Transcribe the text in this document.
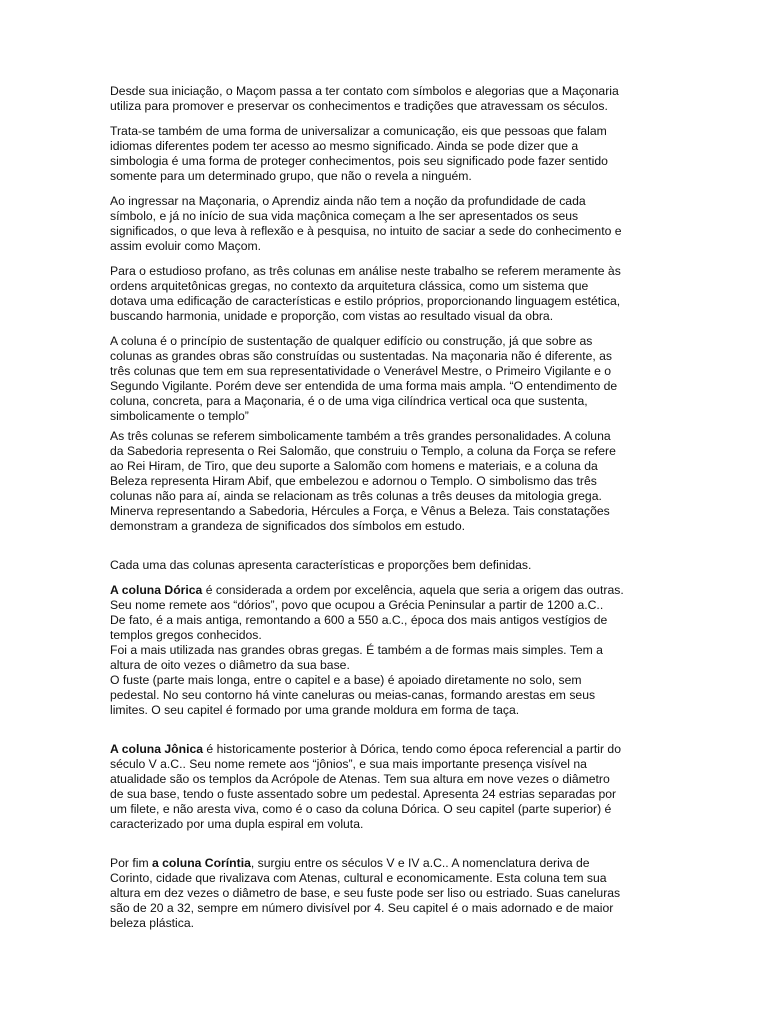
Desde sua iniciação, o Maçom passa a ter contato com símbolos e alegorias que a Maçonaria
utiliza para promover e preservar os conhecimentos e tradições que atravessam os séculos.

Trata-se também de uma forma de universalizar a comunicação, eis que pessoas que falam
idiomas diferentes podem ter acesso ao mesmo significado. Ainda se pode dizer que a
simbologia é uma forma de proteger conhecimentos, pois seu significado pode fazer sentido
somente para um determinado grupo, que não o revela a ninguém.

Ao ingressar na Maçonaria, o Aprendiz ainda não tem a noção da profundidade de cada
símbolo, e já no início de sua vida maçônica começam a lhe ser apresentados os seus
significados, o que leva à reflexão e à pesquisa, no intuito de saciar a sede do conhecimento e
assim evoluir como Maçom.

Para o estudioso profano, as três colunas em análise neste trabalho se referem meramente às
ordens arquitetônicas gregas, no contexto da arquitetura clássica, como um sistema que
dotava uma edificação de características e estilo próprios, proporcionando linguagem estética,
buscando harmonia, unidade e proporção, com vistas ao resultado visual da obra.

A coluna é o princípio de sustentação de qualquer edifício ou construção, já que sobre as
colunas as grandes obras são construídas ou sustentadas. Na maçonaria não é diferente, as
três colunas que tem em sua representatividade o Venerável Mestre, o Primeiro Vigilante e o
Segundo Vigilante. Porém deve ser entendida de uma forma mais ampla. “O entendimento de
coluna, concreta, para a Maçonaria, é o de uma viga cilíndrica vertical oca que sustenta,
simbolicamente o templo”

As três colunas se referem simbolicamente também a três grandes personalidades. A coluna
da Sabedoria representa o Rei Salomão, que construiu o Templo, a coluna da Força se refere
ao Rei Hiram, de Tiro, que deu suporte a Salomão com homens e materiais, e a coluna da
Beleza representa Hiram Abif, que embelezou e adornou o Templo. O simbolismo das três
colunas não para aí, ainda se relacionam as três colunas a três deuses da mitologia grega.
Minerva representando a Sabedoria, Hércules a Força, e Vênus a Beleza. Tais constatações
demonstram a grandeza de significados dos símbolos em estudo.

Cada uma das colunas apresenta características e proporções bem definidas.

A coluna Dórica é considerada a ordem por excelência, aquela que seria a origem das outras.
Seu nome remete aos “dórios”, povo que ocupou a Grécia Peninsular a partir de 1200 a.C..
De fato, é a mais antiga, remontando a 600 a 550 a.C., época dos mais antigos vestígios de
templos gregos conhecidos.
Foi a mais utilizada nas grandes obras gregas. É também a de formas mais simples. Tem a
altura de oito vezes o diâmetro da sua base.
O fuste (parte mais longa, entre o capitel e a base) é apoiado diretamente no solo, sem
pedestal. No seu contorno há vinte caneluras ou meias-canas, formando arestas em seus
limites. O seu capitel é formado por uma grande moldura em forma de taça.

A coluna Jônica é historicamente posterior à Dórica, tendo como época referencial a partir do
século V a.C.. Seu nome remete aos “jônios”, e sua mais importante presença visível na
atualidade são os templos da Acrópole de Atenas. Tem sua altura em nove vezes o diâmetro
de sua base, tendo o fuste assentado sobre um pedestal. Apresenta 24 estrias separadas por
um filete, e não aresta viva, como é o caso da coluna Dórica. O seu capitel (parte superior) é
caracterizado por uma dupla espiral em voluta.

Por fim a coluna Coríntia, surgiu entre os séculos V e IV a.C.. A nomenclatura deriva de
Corinto, cidade que rivalizava com Atenas, cultural e economicamente. Esta coluna tem sua
altura em dez vezes o diâmetro de base, e seu fuste pode ser liso ou estriado. Suas caneluras
são de 20 a 32, sempre em número divisível por 4. Seu capitel é o mais adornado e de maior
beleza plástica.
